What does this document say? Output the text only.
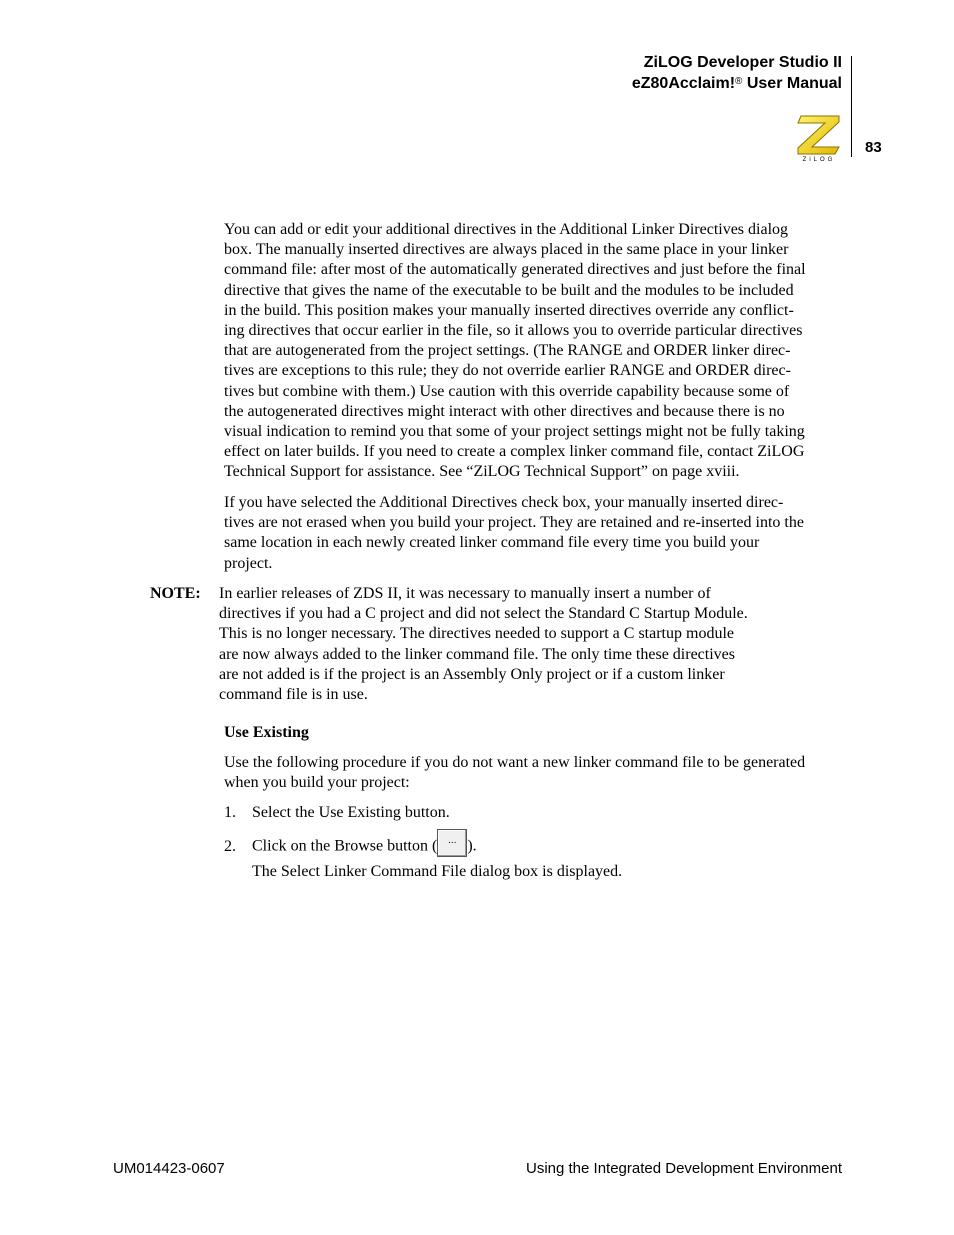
ZiLOG Developer Studio II
eZ80Acclaim!® User Manual
83
ZiLOG
You can add or edit your additional directives in the Additional Linker Directives dialog
box. The manually inserted directives are always placed in the same place in your linker
command file: after most of the automatically generated directives and just before the final
directive that gives the name of the executable to be built and the modules to be included
in the build. This position makes your manually inserted directives override any conflict-
ing directives that occur earlier in the file, so it allows you to override particular directives
that are autogenerated from the project settings. (The RANGE and ORDER linker direc-
tives are exceptions to this rule; they do not override earlier RANGE and ORDER direc-
tives but combine with them.) Use caution with this override capability because some of
the autogenerated directives might interact with other directives and because there is no
visual indication to remind you that some of your project settings might not be fully taking
effect on later builds. If you need to create a complex linker command file, contact ZiLOG
Technical Support for assistance. See “ZiLOG Technical Support” on page xviii.
If you have selected the Additional Directives check box, your manually inserted direc-
tives are not erased when you build your project. They are retained and re-inserted into the
same location in each newly created linker command file every time you build your
project.
NOTE: In earlier releases of ZDS II, it was necessary to manually insert a number of
directives if you had a C project and did not select the Standard C Startup Module.
This is no longer necessary. The directives needed to support a C startup module
are now always added to the linker command file. The only time these directives
are not added is if the project is an Assembly Only project or if a custom linker
command file is in use.
Use Existing
Use the following procedure if you do not want a new linker command file to be generated
when you build your project:
1. Select the Use Existing button.
2. Click on the Browse button ( ... ).
The Select Linker Command File dialog box is displayed.
UM014423-0607	Using the Integrated Development Environment
